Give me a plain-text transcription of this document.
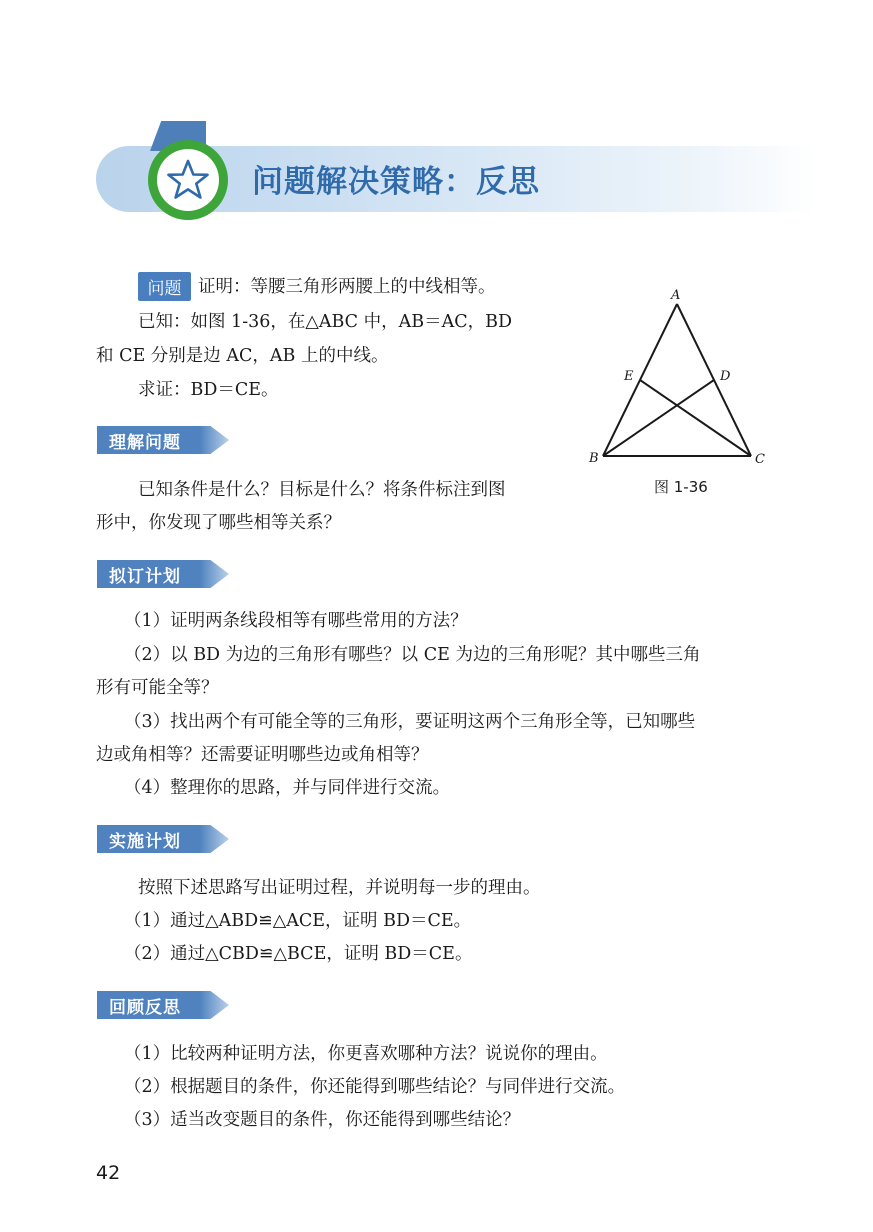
问题解决策略：反思
问题 证明：等腰三角形两腰上的中线相等。
已知：如图 1-36，在△ABC 中，AB＝AC，BD
和 CE 分别是边 AC，AB 上的中线。
求证：BD＝CE。
A
B	C
D
E
图 1-36
理解问题
已知条件是什么？目标是什么？将条件标注到图
形中，你发现了哪些相等关系？
拟订计划
（1）证明两条线段相等有哪些常用的方法？
（2）以 BD 为边的三角形有哪些？以 CE 为边的三角形呢？其中哪些三角
形有可能全等？
（3）找出两个有可能全等的三角形，要证明这两个三角形全等，已知哪些
边或角相等？还需要证明哪些边或角相等？
（4）整理你的思路，并与同伴进行交流。
实施计划
按照下述思路写出证明过程，并说明每一步的理由。
（1）通过△ABD≌△ACE，证明 BD＝CE。
（2）通过△CBD≌△BCE，证明 BD＝CE。
回顾反思
（1）比较两种证明方法，你更喜欢哪种方法？说说你的理由。
（2）根据题目的条件，你还能得到哪些结论？与同伴进行交流。
（3）适当改变题目的条件，你还能得到哪些结论？
42
